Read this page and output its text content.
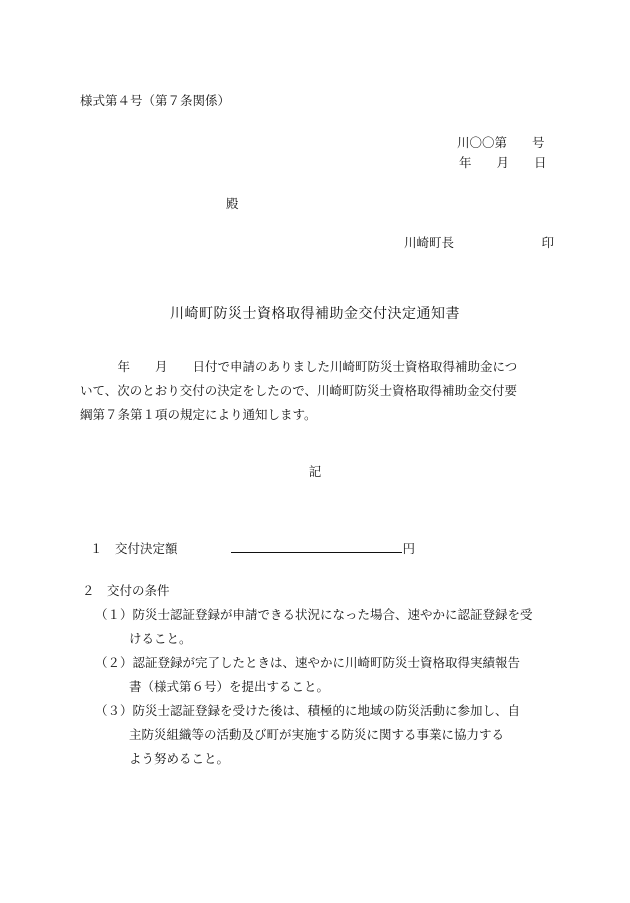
様式第４号（第７条関係）
川〇〇第　　号
年　　月　　日
殿
川崎町長　　　　　　　印
川崎町防災士資格取得補助金交付決定通知書
　　　年　　月　　日付で申請のありました川崎町防災士資格取得補助金につ
いて、次のとおり交付の決定をしたので、川崎町防災士資格取得補助金交付要
綱第７条第１項の規定により通知します。
記

１　交付決定額	円

２　交付の条件
（１）防災士認証登録が申請できる状況になった場合、速やかに認証登録を受
けること。
（２）認証登録が完了したときは、速やかに川崎町防災士資格取得実績報告
書（様式第６号）を提出すること。
（３）防災士認証登録を受けた後は、積極的に地域の防災活動に参加し、自
主防災組織等の活動及び町が実施する防災に関する事業に協力する
よう努めること。
